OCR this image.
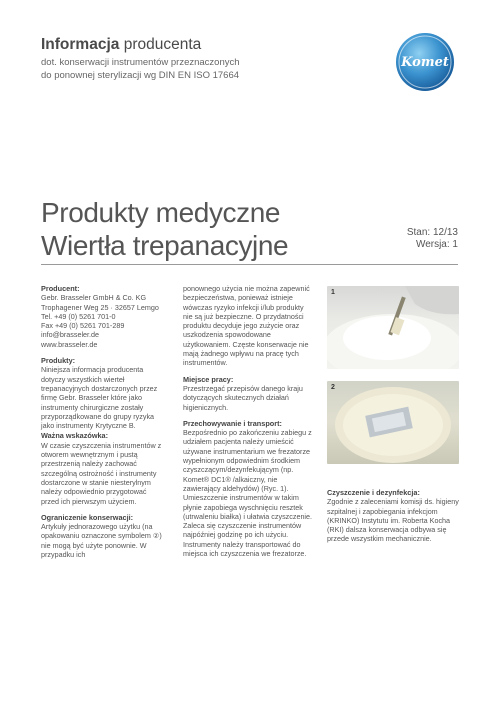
Informacja producenta
dot. konserwacji instrumentów przeznaczonych
do ponownej sterylizacji wg DIN EN ISO 17664
Komet
Produkty medyczne
Wiertła trepanacyjne	Stan: 12/13
Wersja: 1
Producent:

Gebr. Brasseler GmbH & Co. KG
Trophagener Weg 25 · 32657 Lemgo
Tel. +49 (0) 5261 701-0
Fax +49 (0) 5261 701-289
info@brasseler.de
www.brasseler.de

Produkty:

Niniejsza informacja producenta dotyczy wszystkich wierteł trepanacyjnych dostarczonych przez firmę Gebr. Brasseler które jako instrumenty chirurgiczne zostały przyporządkowane do grupy ryzyka jako instrumenty Krytyczne B.

Ważna wskazówka:

W czasie czyszczenia instrumentów z otworem wewnętrznym i pustą przestrzenią należy zachować szczególną ostrożność i instrumenty dostarczone w stanie niesterylnym należy odpowiednio przygotować przed ich pierwszym użyciem.

Ograniczenie konserwacji:

Artykuły jednorazowego użytku (na opakowaniu oznaczone symbolem ②) nie mogą być użyte ponownie. W przypadku ich

ponownego użycia nie można zapewnić bezpieczeństwa, ponieważ istnieje wówczas ryzyko infekcji i/lub produkty nie są już bezpieczne. O przydatności produktu decyduje jego zużycie oraz uszkodzenia spowodowane użytkowaniem. Częste konserwacje nie mają żadnego wpływu na pracę tych instrumentów.

Miejsce pracy:

Przestrzegać przepisów danego kraju dotyczących skutecznych działań higienicznych.

Przechowywanie i transport:

Bezpośrednio po zakończeniu zabiegu z udziałem pacjenta należy umieścić używane instrumentarium we frezatorze wypełnionym odpowiednim środkiem czyszczącym/dezynfekującym (np. Komet® DC1® /alkaiczny, nie zawierający aldehydów) (Ryc. 1). Umieszczenie instrumentów w takim płynie zapobiega wyschnięciu resztek (utrwaleniu białka) i ułatwia czyszczenie. Zaleca się czyszczenie instrumentów najpóźniej godzinę po ich użyciu. Instrumenty należy transportować do miejsca ich czyszczenia we frezatorze.

1
2
Czyszczenie i dezynfekcja:

Zgodnie z zaleceniami komisji ds. higieny szpitalnej i zapobiegania infekcjom (KRINKO) Instytutu im. Roberta Kocha (RKI) dalsza konserwacja odbywa się przede wszystkim mechanicznie.
